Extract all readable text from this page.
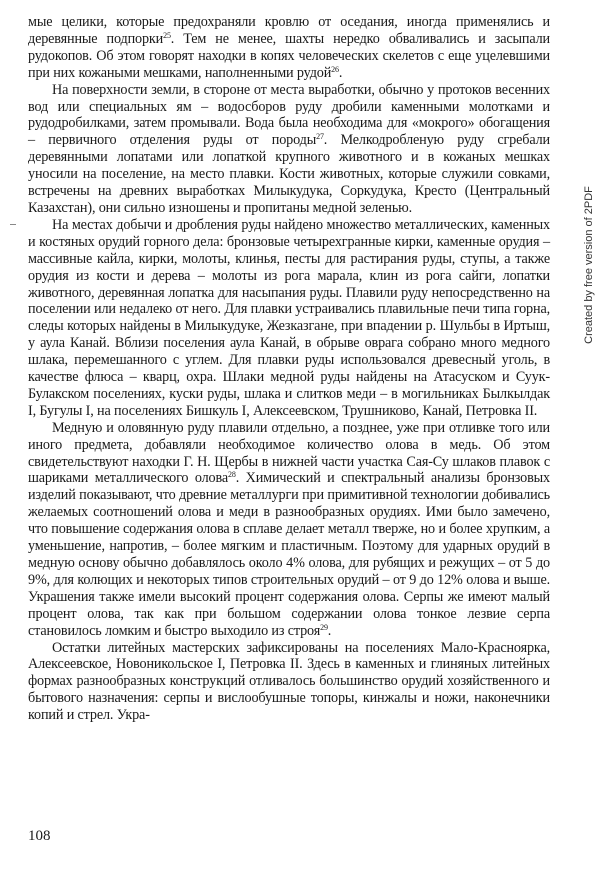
мые целики, которые предохраняли кровлю от оседания, иногда применялись и деревянные подпорки$^{25}$. Тем не менее, шахты нередко обваливались и засыпали рудокопов. Об этом говорят находки в копях человеческих скелетов с еще уцелевшими при них кожаными мешками, наполненными рудой$^{26}$.

На поверхности земли, в стороне от места выработки, обычно у протоков весенних вод или специальных ям – водосборов руду дробили каменными молотками и рудодробилками, затем промывали. Вода была необходима для «мокрого» обогащения – первичного отделения руды от породы$^{27}$. Мелкодробленую руду сгребали деревянными лопатами или лопаткой крупного животного и в кожаных мешках уносили на поселение, на место плавки. Кости животных, которые служили совками, встречены на древних выработках Милыкудука, Соркудука, Кресто (Центральный Казахстан), они сильно изношены и пропитаны медной зеленью.

На местах добычи и дробления руды найдено множество металлических, каменных и костяных орудий горного дела: бронзовые четырехгранные кирки, каменные орудия – массивные кайла, кирки, молоты, клинья, песты для растирания руды, ступы, а также орудия из кости и дерева – молоты из рога марала, клин из рога сайги, лопатки животного, деревянная лопатка для насыпания руды. Плавили руду непосредственно на поселении или недалеко от него. Для плавки устраивались плавильные печи типа горна, следы которых найдены в Милыкудуке, Жезказгане, при впадении р. Шульбы в Иртыш, у аула Канай. Вблизи поселения аула Канай, в обрыве оврага собрано много медного шлака, перемешанного с углем. Для плавки руды использовался древесный уголь, в качестве флюса – кварц, охра. Шлаки медной руды найдены на Атасуском и Суук-Булакском поселениях, куски руды, шлака и слитков меди – в могильниках Былкылдак I, Бугулы I, на поселениях Бишкуль I, Алексеевском, Трушниково, Канай, Петровка II.

Медную и оловянную руду плавили отдельно, а позднее, уже при отливке того или иного предмета, добавляли необходимое количество олова в медь. Об этом свидетельствуют находки Г. Н. Щербы в нижней части участка Сая-Су шлаков плавок с шариками металлического олова$^{28}$. Химический и спектральный анализы бронзовых изделий показывают, что древние металлурги при примитивной технологии добивались желаемых соотношений олова и меди в разнообразных орудиях. Ими было замечено, что повышение содержания олова в сплаве делает металл тверже, но и более хрупким, а уменьшение, напротив, – более мягким и пластичным. Поэтому для ударных орудий в медную основу обычно добавлялось около 4% олова, для рубящих и режущих – от 5 до 9%, для колющих и некоторых типов строительных орудий – от 9 до 12% олова и выше. Украшения также имели высокий процент содержания олова. Серпы же имеют малый процент олова, так как при большом содержании олова тонкое лезвие серпа становилось ломким и быстро выходило из строя$^{29}$.

Остатки литейных мастерских зафиксированы на поселениях Мало-Красноярка, Алексеевское, Новоникольское I, Петровка II. Здесь в каменных и глиняных литейных формах разнообразных конструкций отливалось большинство орудий хозяйственного и бытового назначения: серпы и вислообушные топоры, кинжалы и ножи, наконечники копий и стрел. Укра-

108
Created by free version of 2PDF
